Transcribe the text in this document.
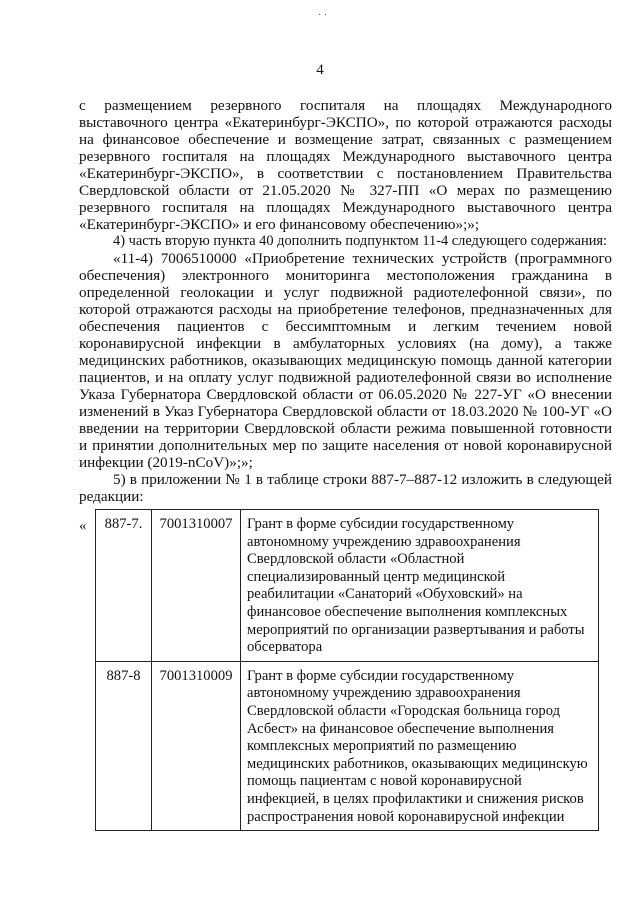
· ·
4

с размещением резервного госпиталя на площадях Международного выставочного центра «Екатеринбург-ЭКСПО», по которой отражаются расходы на финансовое обеспечение и возмещение затрат, связанных с размещением резервного госпиталя на площадях Международного выставочного центра «Екатеринбург-ЭКСПО», в соответствии с постановлением Правительства Свердловской области от 21.05.2020 № 327-ПП «О мерах по размещению резервного госпиталя на площадях Международного выставочного центра «Екатеринбург-ЭКСПО» и его финансовому обеспечению»;»;

4) часть вторую пункта 40 дополнить подпунктом 11-4 следующего содержания:

«11-4) 7006510000 «Приобретение технических устройств (программного обеспечения) электронного мониторинга местоположения гражданина в определенной геолокации и услуг подвижной радиотелефонной связи», по которой отражаются расходы на приобретение телефонов, предназначенных для обеспечения пациентов с бессимптомным и легким течением новой коронавирусной инфекции в амбулаторных условиях (на дому), а также медицинских работников, оказывающих медицинскую помощь данной категории пациентов, и на оплату услуг подвижной радиотелефонной связи во исполнение Указа Губернатора Свердловской области от 06.05.2020 № 227-УГ «О внесении изменений в Указ Губернатора Свердловской области от 18.03.2020 № 100-УГ «О введении на территории Свердловской области режима повышенной готовности и принятии дополнительных мер по защите населения от новой коронавирусной инфекции (2019-nCoV)»;»;

5) в приложении № 1 в таблице строки 887-7–887-12 изложить в следующей редакции:

« 887-7.	7001310007	Грант в форме субсидии государственному автономному учреждению здравоохранения Свердловской области «Областной специализированный центр медицинской реабилитации «Санаторий «Обуховский» на финансовое обеспечение выполнения комплексных мероприятий по организации развертывания и работы обсерватора
887-8	7001310009	Грант в форме субсидии государственному автономному учреждению здравоохранения Свердловской области «Городская больница город Асбест» на финансовое обеспечение выполнения комплексных мероприятий по размещению медицинских работников, оказывающих медицинскую помощь пациентам с новой коронавирусной инфекцией, в целях профилактики и снижения рисков распространения новой коронавирусной инфекции
